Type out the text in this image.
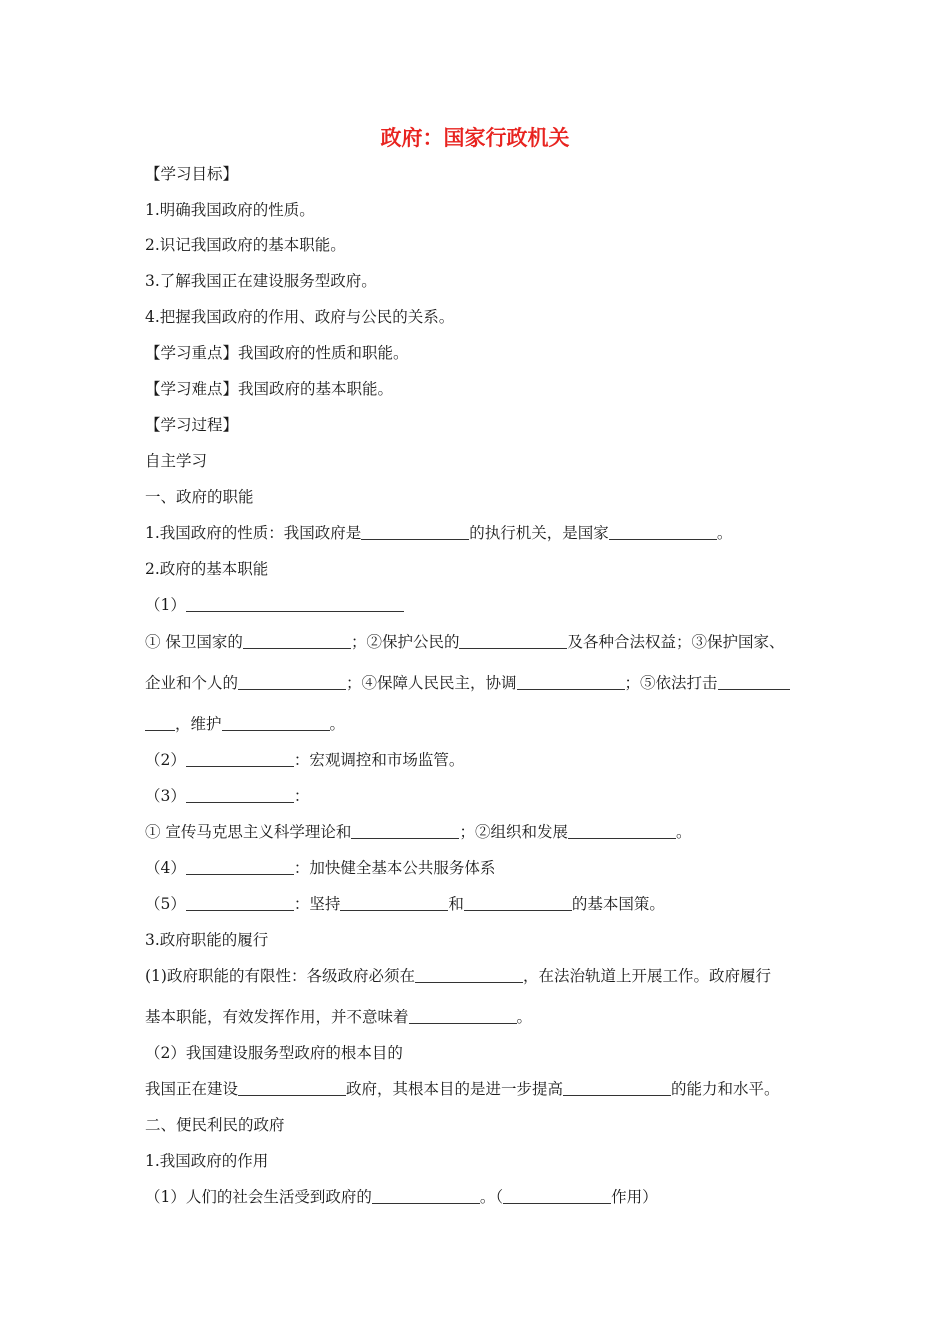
政府：国家行政机关
【学习目标】
1.明确我国政府的性质。
2.识记我国政府的基本职能。
3.了解我国正在建设服务型政府。
4.把握我国政府的作用、政府与公民的关系。
【学习重点】我国政府的性质和职能。
【学习难点】我国政府的基本职能。
【学习过程】
自主学习
一、政府的职能
1.我国政府的性质：我国政府是	的执行机关，是国家	。
2.政府的基本职能
（1）
① 保卫国家的	；②保护公民的	及各种合法权益；③保护国家、
企业和个人的	；④保障人民民主，协调	；⑤依法打击
，维护	。
（2）	：宏观调控和市场监管。
（3）	：
① 宣传马克思主义科学理论和	；②组织和发展	。
（4）	：加快健全基本公共服务体系
（5）	：坚持	和	的基本国策。
3.政府职能的履行
(1)政府职能的有限性：各级政府必须在	，在法治轨道上开展工作。政府履行
基本职能，有效发挥作用，并不意味着	。
（2）我国建设服务型政府的根本目的
我国正在建设	政府，其根本目的是进一步提高	的能力和水平。
二、便民利民的政府
1.我国政府的作用
（1）人们的社会生活受到政府的	。（	作用）
